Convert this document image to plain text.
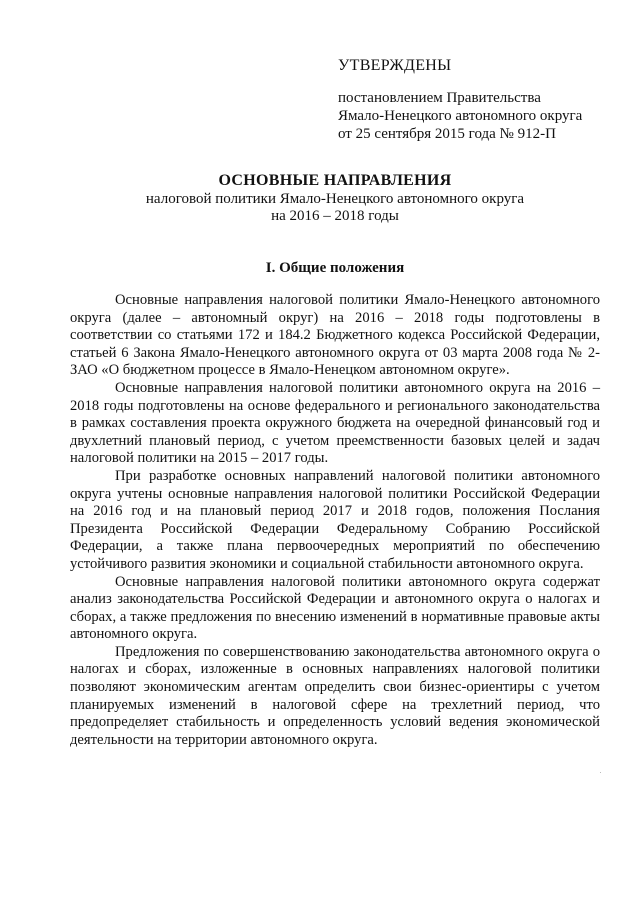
УТВЕРЖДЕНЫ
постановлением Правительства
Ямало-Ненецкого автономного округа
от 25 сентября 2015 года № 912-П
ОСНОВНЫЕ НАПРАВЛЕНИЯ
налоговой политики Ямало-Ненецкого автономного округа
на 2016 – 2018 годы
I. Общие положения

Основные направления налоговой политики Ямало-Ненецкого автономного округа (далее – автономный округ) на 2016 – 2018 годы подготовлены в соответствии со статьями 172 и 184.2 Бюджетного кодекса Российской Федерации, статьей 6 Закона Ямало-Ненецкого автономного округа от 03 марта 2008 года № 2-ЗАО «О бюджетном процессе в Ямало-Ненецком автономном округе».

Основные направления налоговой политики автономного округа на 2016 – 2018 годы подготовлены на основе федерального и регионального законодательства в рамках составления проекта окружного бюджета на очередной финансовый год и двухлетний плановый период, с учетом преемственности базовых целей и задач налоговой политики на 2015 – 2017 годы.

При разработке основных направлений налоговой политики автономного округа учтены основные направления налоговой политики Российской Федерации на 2016 год и на плановый период 2017 и 2018 годов, положения Послания Президента Российской Федерации Федеральному Собранию Российской Федерации, а также плана первоочередных мероприятий по обеспечению устойчивого развития экономики и социальной стабильности автономного округа.

Основные направления налоговой политики автономного округа содержат анализ законодательства Российской Федерации и автономного округа о налогах и сборах, а также предложения по внесению изменений в нормативные правовые акты автономного округа.

Предложения по совершенствованию законодательства автономного округа о налогах и сборах, изложенные в основных направлениях налоговой политики позволяют экономическим агентам определить свои бизнес-ориентиры с учетом планируемых изменений в налоговой сфере на трехлетний период, что предопределяет стабильность и определенность условий ведения экономической деятельности на территории автономного округа.
